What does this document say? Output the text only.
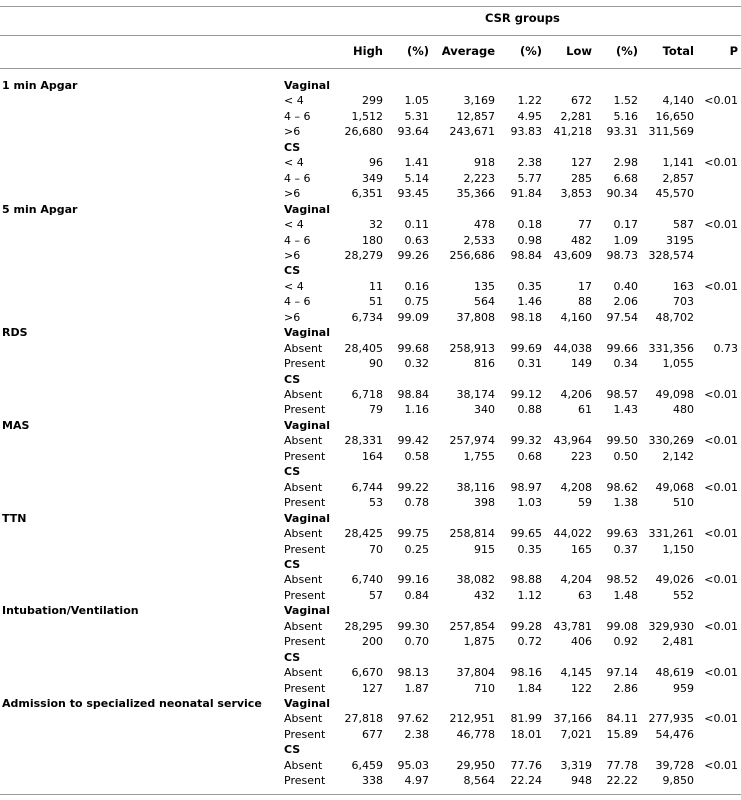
CSR groups
High	(%)	Average	(%)	Low	(%)	Total	P
1 min Apgar	Vaginal
< 4	299	1.05	3,169	1.22	672	1.52	4,140 <0.01
4 – 6	1,512	5.31	12,857	4.95	2,281	5.16	16,650
>6	26,680	93.64	243,671	93.83	41,218	93.31 311,569
CS
< 4	96	1.41	918	2.38	127	2.98	1,141 <0.01
4 – 6	349	5.14	2,223	5.77	285	6.68	2,857
>6	6,351	93.45	35,366	91.84	3,853	90.34	45,570
5 min Apgar	Vaginal
< 4	32	0.11	478	0.18	77	0.17	587 <0.01
4 – 6	180	0.63	2,533	0.98	482	1.09	3195
>6	28,279	99.26	256,686	98.84	43,609	98.73 328,574
CS
< 4	11	0.16	135	0.35	17	0.40	163 <0.01
4 – 6	51	0.75	564	1.46	88	2.06	703
>6	6,734	99.09	37,808	98.18	4,160	97.54	48,702
RDS	Vaginal
Absent	28,405	99.68	258,913	99.69	44,038	99.66 331,356	0.73
Present	90	0.32	816	0.31	149	0.34	1,055
CS
Absent	6,718	98.84	38,174	99.12	4,206	98.57	49,098 <0.01
Present	79	1.16	340	0.88	61	1.43	480
MAS	Vaginal
Absent	28,331	99.42	257,974	99.32	43,964	99.50 330,269 <0.01
Present	164	0.58	1,755	0.68	223	0.50	2,142
CS
Absent	6,744	99.22	38,116	98.97	4,208	98.62	49,068 <0.01
Present	53	0.78	398	1.03	59	1.38	510
TTN	Vaginal
Absent	28,425	99.75	258,814	99.65	44,022	99.63 331,261 <0.01
Present	70	0.25	915	0.35	165	0.37	1,150
CS
Absent	6,740	99.16	38,082	98.88	4,204	98.52	49,026 <0.01
Present	57	0.84	432	1.12	63	1.48	552
Intubation/Ventilation	Vaginal
Absent	28,295	99.30	257,854	99.28	43,781	99.08 329,930 <0.01
Present	200	0.70	1,875	0.72	406	0.92	2,481
CS
Absent	6,670	98.13	37,804	98.16	4,145	97.14	48,619 <0.01
Present	127	1.87	710	1.84	122	2.86	959
Admission to specialized neonatal service Vaginal
Absent	27,818	97.62	212,951	81.99	37,166	84.11 277,935 <0.01
Present	677	2.38	46,778	18.01	7,021	15.89	54,476
CS
Absent	6,459	95.03	29,950	77.76	3,319	77.78	39,728 <0.01
Present	338	4.97	8,564	22.24	948	22.22	9,850
